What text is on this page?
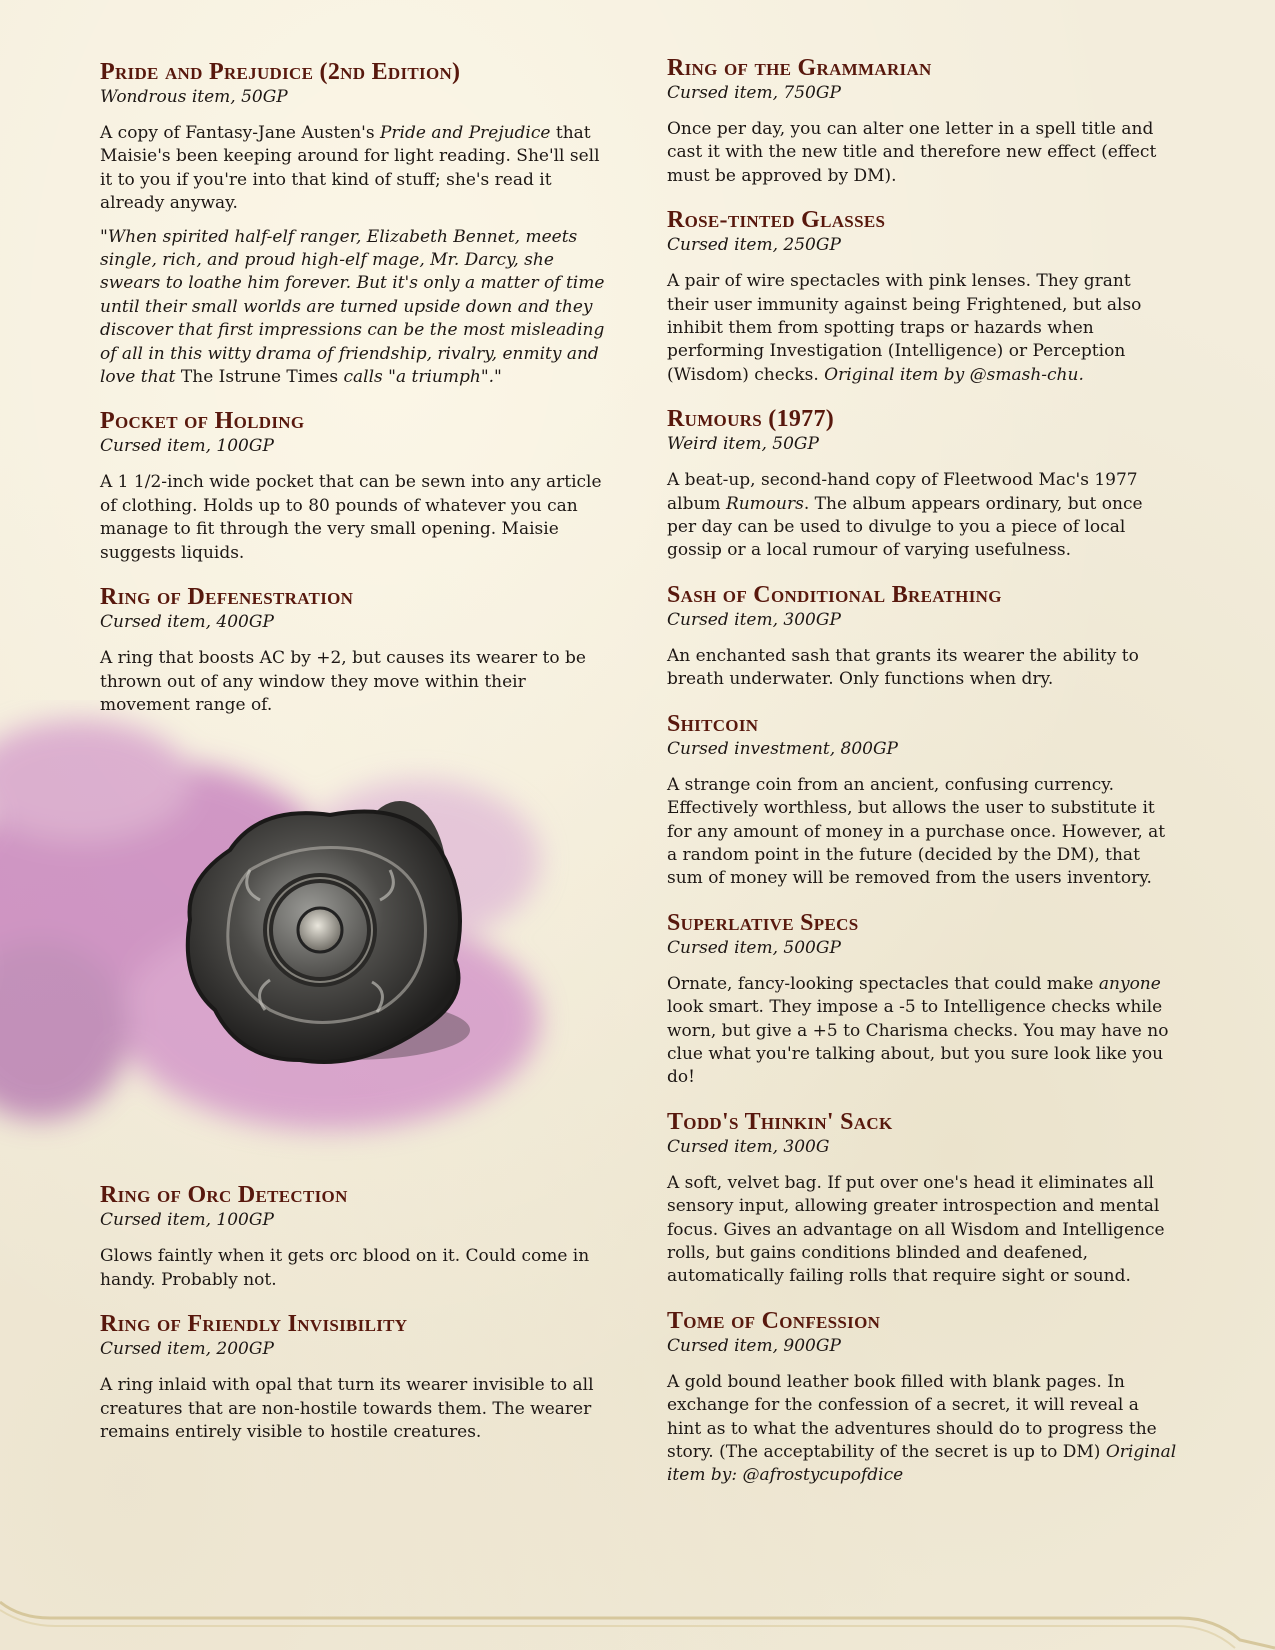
Pride and Prejudice (2nd Edition)
Wondrous item, 50GP

A copy of Fantasy-Jane Austen's Pride and Prejudice that Maisie's been keeping around for light reading. She'll sell it to you if you're into that kind of stuff; she's read it already anyway.

"When spirited half-elf ranger, Elizabeth Bennet, meets single, rich, and proud high-elf mage, Mr. Darcy, she swears to loathe him forever. But it's only a matter of time until their small worlds are turned upside down and they discover that first impressions can be the most misleading of all in this witty drama of friendship, rivalry, enmity and love that The Istrune Times calls "a triumph"."

Pocket of Holding
Cursed item, 100GP

A 1 1/2-inch wide pocket that can be sewn into any article of clothing. Holds up to 80 pounds of whatever you can manage to fit through the very small opening. Maisie suggests liquids.

Ring of Defenestration
Cursed item, 400GP

A ring that boosts AC by +2, but causes its wearer to be thrown out of any window they move within their movement range of.

Ring of Orc Detection
Cursed item, 100GP

Glows faintly when it gets orc blood on it. Could come in handy. Probably not.

Ring of Friendly Invisibility
Cursed item, 200GP

A ring inlaid with opal that turn its wearer invisible to all creatures that are non-hostile towards them. The wearer remains entirely visible to hostile creatures.

Ring of the Grammarian
Cursed item, 750GP

Once per day, you can alter one letter in a spell title and cast it with the new title and therefore new effect (effect must be approved by DM).

Rose-tinted Glasses
Cursed item, 250GP

A pair of wire spectacles with pink lenses. They grant their user immunity against being Frightened, but also inhibit them from spotting traps or hazards when performing Investigation (Intelligence) or Perception (Wisdom) checks. Original item by @smash-chu.

Rumours (1977)
Weird item, 50GP

A beat-up, second-hand copy of Fleetwood Mac's 1977 album Rumours. The album appears ordinary, but once per day can be used to divulge to you a piece of local gossip or a local rumour of varying usefulness.

Sash of Conditional Breathing
Cursed item, 300GP

An enchanted sash that grants its wearer the ability to breath underwater. Only functions when dry.

Shitcoin
Cursed investment, 800GP

A strange coin from an ancient, confusing currency. Effectively worthless, but allows the user to substitute it for any amount of money in a purchase once. However, at a random point in the future (decided by the DM), that sum of money will be removed from the users inventory.

Superlative Specs
Cursed item, 500GP

Ornate, fancy-looking spectacles that could make anyone look smart. They impose a -5 to Intelligence checks while worn, but give a +5 to Charisma checks. You may have no clue what you're talking about, but you sure look like you do!

Todd's Thinkin' Sack
Cursed item, 300G

A soft, velvet bag. If put over one's head it eliminates all sensory input, allowing greater introspection and mental focus. Gives an advantage on all Wisdom and Intelligence rolls, but gains conditions blinded and deafened, automatically failing rolls that require sight or sound.

Tome of Confession
Cursed item, 900GP

A gold bound leather book filled with blank pages. In exchange for the confession of a secret, it will reveal a hint as to what the adventures should do to progress the story. (The acceptability of the secret is up to DM) Original item by: @afrostycupofdice
